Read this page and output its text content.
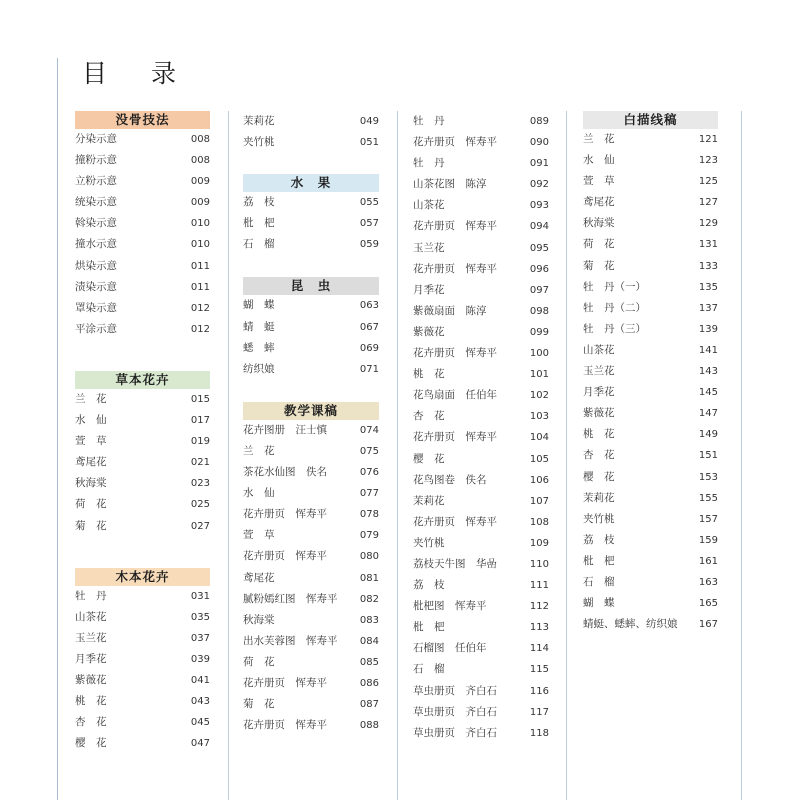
目 录
没骨技法
分染示意	008
撞粉示意	008
立粉示意	009
统染示意	009
斡染示意	010
撞水示意	010
烘染示意	011
渍染示意	011
罩染示意	012
平涂示意	012
草本花卉
兰　花	015
水　仙	017
萱　草	019
鸢尾花	021
秋海棠	023
荷　花	025
菊　花	027
木本花卉
牡　丹	031
山茶花	035
玉兰花	037
月季花	039
紫薇花	041
桃　花	043
杏　花	045
樱　花	047
茉莉花	049
夹竹桃	051
水　果
荔　枝	055
枇　杷	057
石　榴	059
昆　虫
蝴　蝶	063
蜻　蜓	067
蟋　蟀	069
纺织娘	071
教学课稿
花卉图册　汪士慎	074
兰　花	075
茶花水仙图　佚名	076
水　仙	077
花卉册页　恽寿平	078
萱　草	079
花卉册页　恽寿平	080
鸢尾花	081
腻粉嫣红图　恽寿平 082
秋海棠	083
出水芙蓉图　恽寿平 084
荷　花	085
花卉册页　恽寿平	086
菊　花	087
花卉册页　恽寿平	088
牡　丹	089
花卉册页　恽寿平	090
牡　丹	091
山茶花图　陈淳	092
山茶花	093
花卉册页　恽寿平	094
玉兰花	095
花卉册页　恽寿平	096
月季花	097
紫薇扇面　陈淳	098
紫薇花	099
花卉册页　恽寿平	100
桃　花	101
花鸟扇面　任伯年	102
杏　花	103
花卉册页　恽寿平	104
樱　花	105
花鸟图卷　佚名	106
茉莉花	107
花卉册页　恽寿平	108
夹竹桃	109
荔枝天牛图　华嵒	110
荔　枝	111
枇杷图　恽寿平	112
枇　杷	113
石榴图　任伯年	114
石　榴	115
草虫册页　齐白石	116
草虫册页　齐白石	117
草虫册页　齐白石	118
白描线稿
兰　花	121
水　仙	123
萱　草	125
鸢尾花	127
秋海棠	129
荷　花	131
菊　花	133
牡　丹（一）	135
牡　丹（二）	137
牡　丹（三）	139
山茶花	141
玉兰花	143
月季花	145
紫薇花	147
桃　花	149
杏　花	151
樱　花	153
茉莉花	155
夹竹桃	157
荔　枝	159
枇　杷	161
石　榴	163
蝴　蝶	165
蜻蜓、蟋蟀、纺织娘 167
